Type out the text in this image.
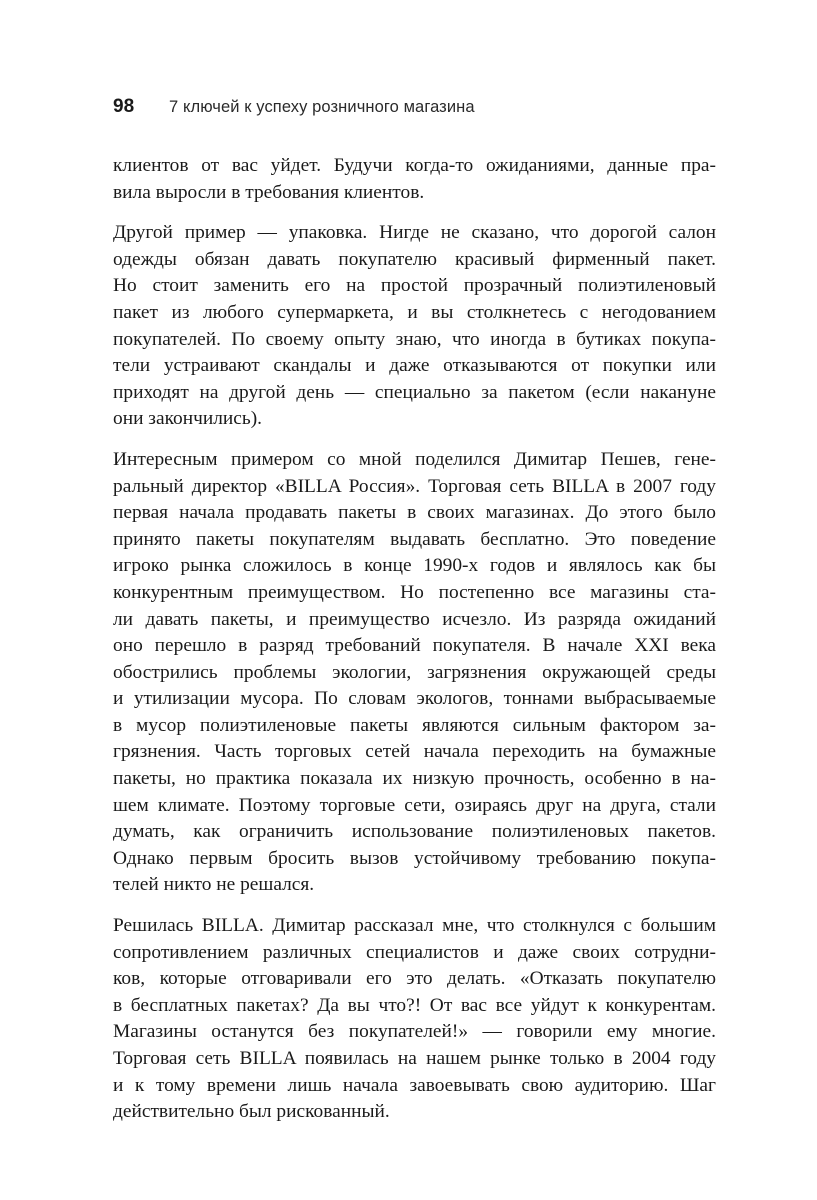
98	7 ключей к успеху розничного магазина
клиентов от вас уйдет. Будучи когда-то ожиданиями, данные пра-
вила выросли в требования клиентов.
Другой пример — упаковка. Нигде не сказано, что дорогой салон
одежды обязан давать покупателю красивый фирменный пакет.
Но стоит заменить его на простой прозрачный полиэтиленовый
пакет из любого супермаркета, и вы столкнетесь с негодованием
покупателей. По своему опыту знаю, что иногда в бутиках покупа-
тели устраивают скандалы и даже отказываются от покупки или
приходят на другой день — специально за пакетом (если накануне
они закончились).
Интересным примером со мной поделился Димитар Пешев, гене-
ральный директор «BILLA Россия». Торговая сеть BILLA в 2007 году
первая начала продавать пакеты в своих магазинах. До этого было
принято пакеты покупателям выдавать бесплатно. Это поведение
игроко рынка сложилось в конце 1990-х годов и являлось как бы
конкурентным преимуществом. Но постепенно все магазины ста-
ли давать пакеты, и преимущество исчезло. Из разряда ожиданий
оно перешло в разряд требований покупателя. В начале XXI века
обострились проблемы экологии, загрязнения окружающей среды
и утилизации мусора. По словам экологов, тоннами выбрасываемые
в мусор полиэтиленовые пакеты являются сильным фактором за-
грязнения. Часть торговых сетей начала переходить на бумажные
пакеты, но практика показала их низкую прочность, особенно в на-
шем климате. Поэтому торговые сети, озираясь друг на друга, стали
думать, как ограничить использование полиэтиленовых пакетов.
Однако первым бросить вызов устойчивому требованию покупа-
телей никто не решался.
Решилась BILLA. Димитар рассказал мне, что столкнулся с большим
сопротивлением различных специалистов и даже своих сотрудни-
ков, которые отговаривали его это делать. «Отказать покупателю
в бесплатных пакетах? Да вы что?! От вас все уйдут к конкурентам.
Магазины останутся без покупателей!» — говорили ему многие.
Торговая сеть BILLA появилась на нашем рынке только в 2004 году
и к тому времени лишь начала завоевывать свою аудиторию. Шаг
действительно был рискованный.
